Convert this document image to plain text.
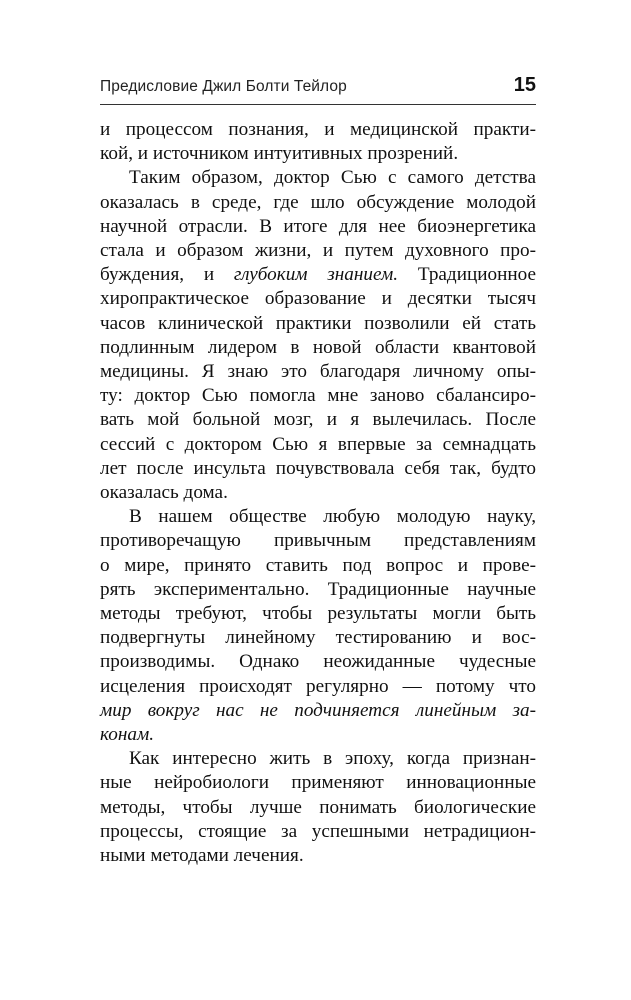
Предисловие Джил Болти Тейлор	15

и процессом познания, и медицинской практи-
кой, и источником интуитивных прозрений.

Таким образом, доктор Сью с самого детства
оказалась в среде, где шло обсуждение молодой
научной отрасли. В итоге для нее биоэнергетика
стала и образом жизни, и путем духовного про-
буждения, и глубоким знанием. Традиционное
хиропрактическое образование и десятки тысяч
часов клинической практики позволили ей стать
подлинным лидером в новой области квантовой
медицины. Я знаю это благодаря личному опы-
ту: доктор Сью помогла мне заново сбалансиро-
вать мой больной мозг, и я вылечилась. После
сессий с доктором Сью я впервые за семнадцать
лет после инсульта почувствовала себя так, будто
оказалась дома.

В нашем обществе любую молодую науку,
противоречащую привычным представлениям
о мире, принято ставить под вопрос и прове-
рять экспериментально. Традиционные научные
методы требуют, чтобы результаты могли быть
подвергнуты линейному тестированию и вос-
производимы. Однако неожиданные чудесные
исцеления происходят регулярно — потому что
мир вокруг нас не подчиняется линейным за-
конам.

Как интересно жить в эпоху, когда признан-
ные нейробиологи применяют инновационные
методы, чтобы лучше понимать биологические
процессы, стоящие за успешными нетрадицион-
ными методами лечения.
